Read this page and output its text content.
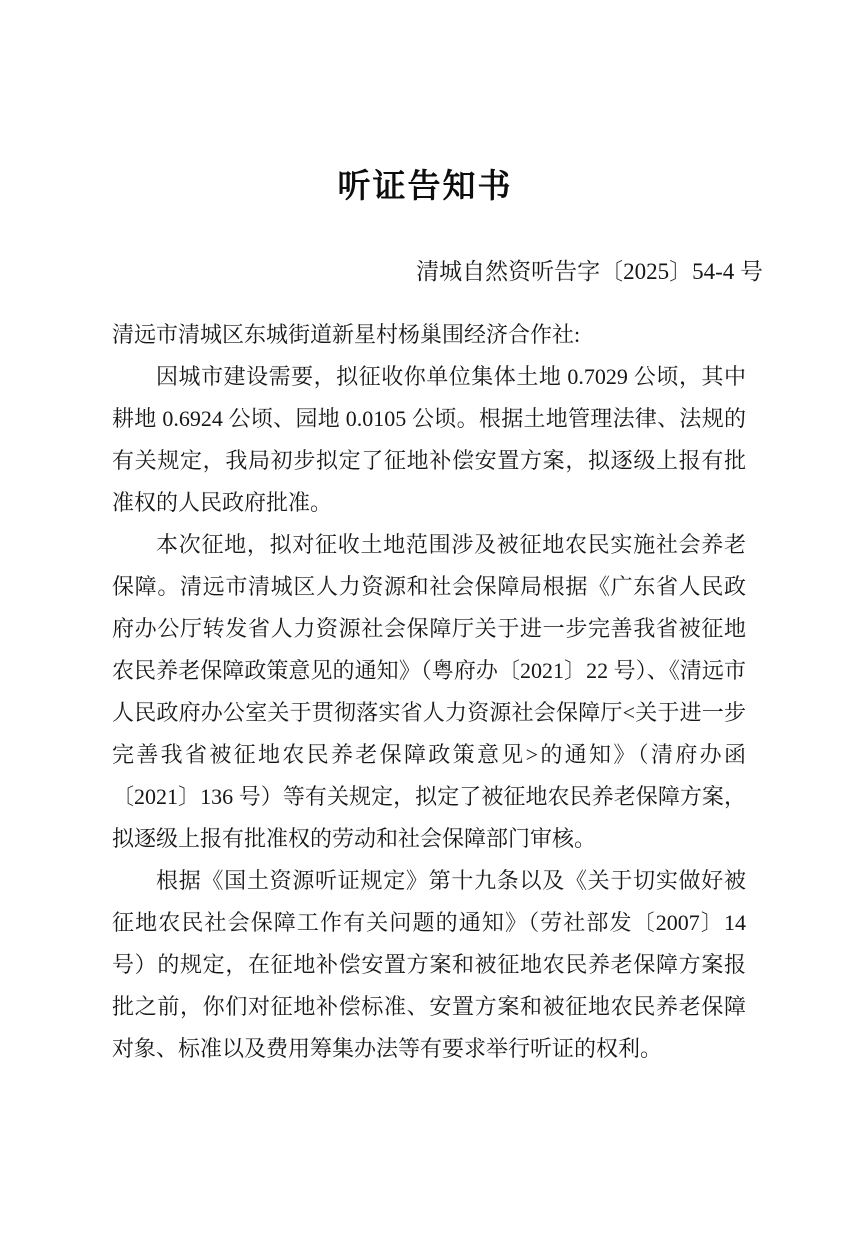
听证告知书
清城自然资听告字〔2025〕54-4 号

清远市清城区东城街道新星村杨巢围经济合作社:

因城市建设需要，拟征收你单位集体土地 0.7029 公顷，其中耕地 0.6924 公顷、园地 0.0105 公顷。根据土地管理法律、法规的有关规定，我局初步拟定了征地补偿安置方案，拟逐级上报有批准权的人民政府批准。

本次征地，拟对征收土地范围涉及被征地农民实施社会养老保障。清远市清城区人力资源和社会保障局根据《广东省人民政府办公厅转发省人力资源社会保障厅关于进一步完善我省被征地农民养老保障政策意见的通知》（粤府办〔2021〕22 号）、《清远市人民政府办公室关于贯彻落实省人力资源社会保障厅<关于进一步完善我省被征地农民养老保障政策意见>的通知》（清府办函〔2021〕136 号）等有关规定，拟定了被征地农民养老保障方案，拟逐级上报有批准权的劳动和社会保障部门审核。

根据《国土资源听证规定》第十九条以及《关于切实做好被征地农民社会保障工作有关问题的通知》（劳社部发〔2007〕14 号）的规定，在征地补偿安置方案和被征地农民养老保障方案报批之前，你们对征地补偿标准、安置方案和被征地农民养老保障对象、标准以及费用筹集办法等有要求举行听证的权利。
